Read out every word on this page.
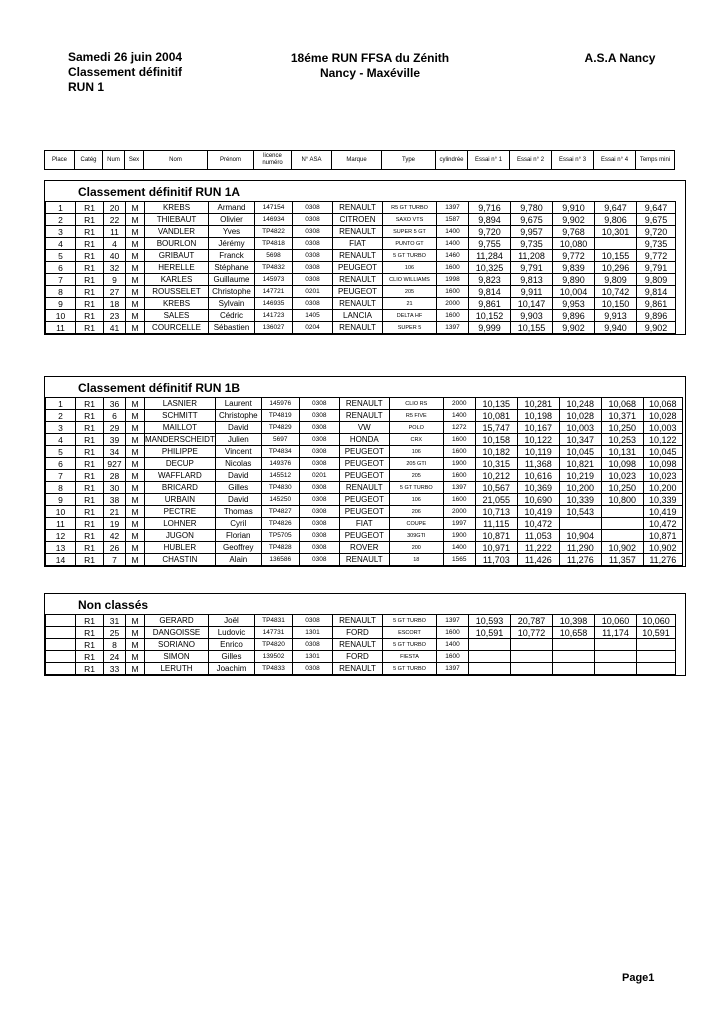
Samedi 26 juin 2004
Classement définitif
RUN 1
18éme RUN FFSA du Zénith
Nancy - Maxéville
A.S.A Nancy
Place	Catég	Num	Sex	Nom	Prénom	licence numéro	N° ASA	Marque	Type	cylindrée	Essai n° 1	Essai n° 2	Essai n° 3	Essai n° 4	Temps mini
Classement définitif RUN 1A
1	R1	20	M	KREBS	Armand	147154	0308	RENAULT	R5 GT TURBO	1397	9,716	9,780	9,910	9,647	9,647
2	R1	22	M	THIEBAUT	Olivier	146934	0308	CITROEN	SAXO VTS	1587	9,894	9,675	9,902	9,806	9,675
3	R1	11	M	VANDLER	Yves	TP4822	0308	RENAULT	SUPER 5 GT	1400	9,720	9,957	9,768	10,301	9,720
4	R1	4	M	BOURLON	Jérémy	TP4818	0308	FIAT	PUNTO GT	1400	9,755	9,735	10,080		9,735
5	R1	40	M	GRIBAUT	Franck	5698	0308	RENAULT	5 GT TURBO	1460	11,284	11,208	9,772	10,155	9,772
6	R1	32	M	HERELLE	Stéphane	TP4832	0308	PEUGEOT	106	1600	10,325	9,791	9,839	10,296	9,791
7	R1	9	M	KARLES	Guillaume	145973	0308	RENAULT	CLIO WILLIAMS	1998	9,823	9,813	9,890	9,809	9,809
8	R1	27	M	ROUSSELET	Christophe	147721	0201	PEUGEOT	205	1600	9,814	9,911	10,004	10,742	9,814
9	R1	18	M	KREBS	Sylvain	146935	0308	RENAULT	21	2000	9,861	10,147	9,953	10,150	9,861
10	R1	23	M	SALES	Cédric	141723	1405	LANCIA	DELTA HF	1600	10,152	9,903	9,896	9,913	9,896
11	R1	41	M	COURCELLE	Sébastien	136027	0204	RENAULT	SUPER 5	1397	9,999	10,155	9,902	9,940	9,902
Classement définitif RUN 1B
1	R1	36	M	LASNIER	Laurent	145976	0308	RENAULT	CLIO RS	2000	10,135	10,281	10,248	10,068	10,068
2	R1	6	M	SCHMITT	Christophe	TP4819	0308	RENAULT	R5 FIVE	1400	10,081	10,198	10,028	10,371	10,028
3	R1	29	M	MAILLOT	David	TP4829	0308	VW	POLO	1272	15,747	10,167	10,003	10,250	10,003
4	R1	39	M	MANDERSCHEIDT	Julien	5697	0308	HONDA	CRX	1600	10,158	10,122	10,347	10,253	10,122
5	R1	34	M	PHILIPPE	Vincent	TP4834	0308	PEUGEOT	106	1600	10,182	10,119	10,045	10,131	10,045
6	R1	927	M	DECUP	Nicolas	149376	0308	PEUGEOT	205 GTI	1900	10,315	11,368	10,821	10,098	10,098
7	R1	28	M	WAFFLARD	David	145512	0201	PEUGEOT	205	1600	10,212	10,616	10,219	10,023	10,023
8	R1	30	M	BRICARD	Gilles	TP4830	0308	RENAULT	5 GT TURBO	1397	10,567	10,369	10,200	10,250	10,200
9	R1	38	M	URBAIN	David	145250	0308	PEUGEOT	106	1600	21,055	10,690	10,339	10,800	10,339
10	R1	21	M	PECTRE	Thomas	TP4827	0308	PEUGEOT	206	2000	10,713	10,419	10,543		10,419
11	R1	19	M	LOHNER	Cyril	TP4826	0308	FIAT	COUPE	1997	11,115	10,472			10,472
12	R1	42	M	JUGON	Florian	TP5705	0308	PEUGEOT	309GTI	1900	10,871	11,053	10,904		10,871
13	R1	26	M	HUBLER	Geoffrey	TP4828	0308	ROVER	200	1400	10,971	11,222	11,290	10,902	10,902
14	R1	7	M	CHASTIN	Alain	136586	0308	RENAULT	18	1565	11,703	11,426	11,276	11,357	11,276
Non classés
	R1	31	M	GERARD	Joël	TP4831	0308	RENAULT	5 GT TURBO	1397	10,593	20,787	10,398	10,060	10,060
	R1	25	M	DANGOISSE	Ludovic	147731	1301	FORD	ESCORT	1600	10,591	10,772	10,658	11,174	10,591
	R1	8	M	SORIANO	Enrico	TP4820	0308	RENAULT	5 GT TURBO	1400					
	R1	24	M	SIMON	Gilles	139502	1301	FORD	FIESTA	1600					
	R1	33	M	LERUTH	Joachim	TP4833	0308	RENAULT	5 GT TURBO	1397					
Page1
